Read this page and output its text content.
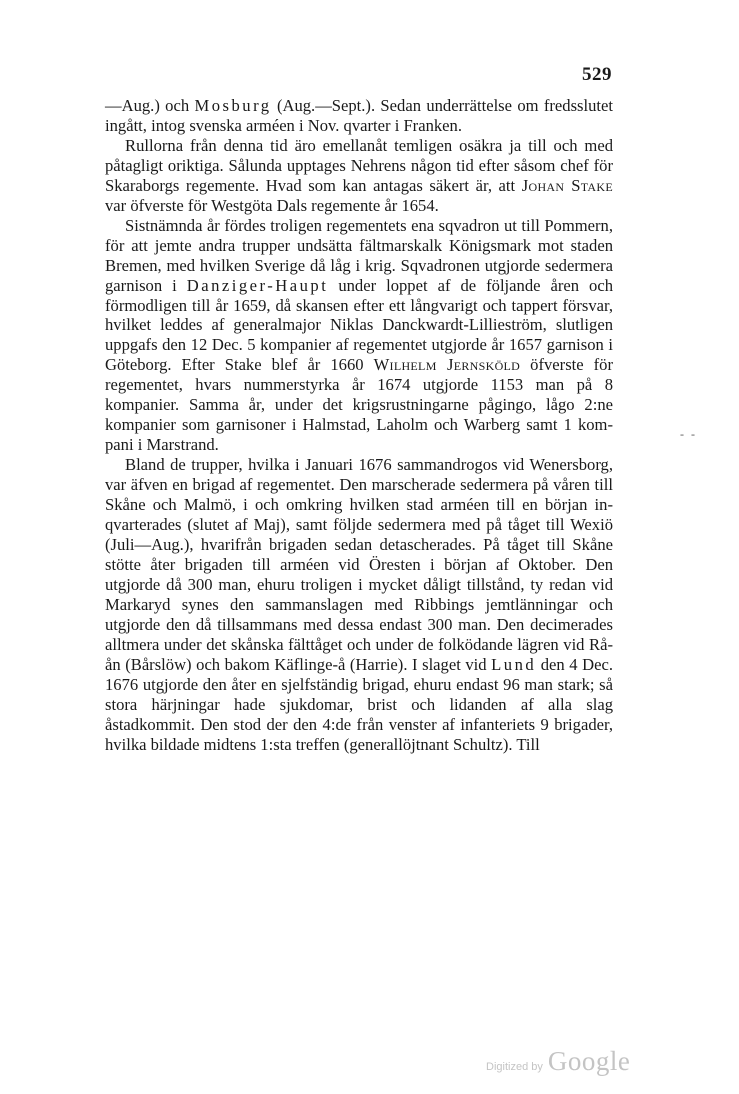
529

—Aug.) och Mosburg (Aug.—Sept.). Sedan underrättelse om fredsslutet ingått, intog svenska arméen i Nov. qvarter i Franken.

Rullorna från denna tid äro emellanåt temligen osäkra ja till och med påtagligt oriktiga. Sålunda upptages Nehrens någon tid efter såsom chef för Skaraborgs regemente. Hvad som kan antagas säkert är, att Johan Stake var öfverste för Westgöta Dals regemente år 1654.

Sistnämnda år fördes troligen regementets ena sqvadron ut till Pommern, för att jemte andra trupper undsätta fältmarskalk Königsmark mot staden Bremen, med hvilken Sverige då låg i krig. Sqvadronen utgjorde sedermera garnison i Danziger-Haupt under loppet af de följande åren och förmodligen till år 1659, då skansen efter ett långvarigt och tappert försvar, hvilket leddes af generalmajor Niklas Danckwardt-Lillieström, slutligen uppgafs den 12 Dec. 5 kompanier af regementet utgjorde år 1657 garnison i Göteborg. Efter Stake blef år 1660 Wilhelm Jernsköld öfverste för regementet, hvars nummerstyrka år 1674 utgjorde 1153 man på 8 kompanier. Samma år, under det krigsrustningarne pågingo, lågo 2:ne kompanier som garnisoner i Halmstad, Laholm och Warberg samt 1 kompani i Marstrand.

Bland de trupper, hvilka i Januari 1676 sammandrogos vid Wenersborg, var äfven en brigad af regementet. Den marscherade sedermera på våren till Skåne och Malmö, i och omkring hvilken stad arméen till en början inqvarterades (slutet af Maj), samt följde sedermera med på tåget till Wexiö (Juli—Aug.), hvarifrån brigaden sedan detascherades. På tåget till Skåne stötte åter brigaden till arméen vid Öresten i början af Oktober. Den utgjorde då 300 man, ehuru troligen i mycket dåligt tillstånd, ty redan vid Markaryd synes den sammanslagen med Ribbings jemtlänningar och utgjorde den då tillsammans med dessa endast 300 man. Den decimerades alltmera under det skånska fälttåget och under de folködande lägren vid Rå-ån (Bårslöw) och bakom Käflinge-å (Harrie). I slaget vid Lund den 4 Dec. 1676 utgjorde den åter en sjelfständig brigad, ehuru endast 96 man stark; så stora härjningar hade sjukdomar, brist och lidanden af alla slag åstadkommit. Den stod der den 4:de från venster af infanteriets 9 brigader, hvilka bildade midtens 1:sta treffen (generallöjtnant Schultz). Till

- -
Digitized by Google
